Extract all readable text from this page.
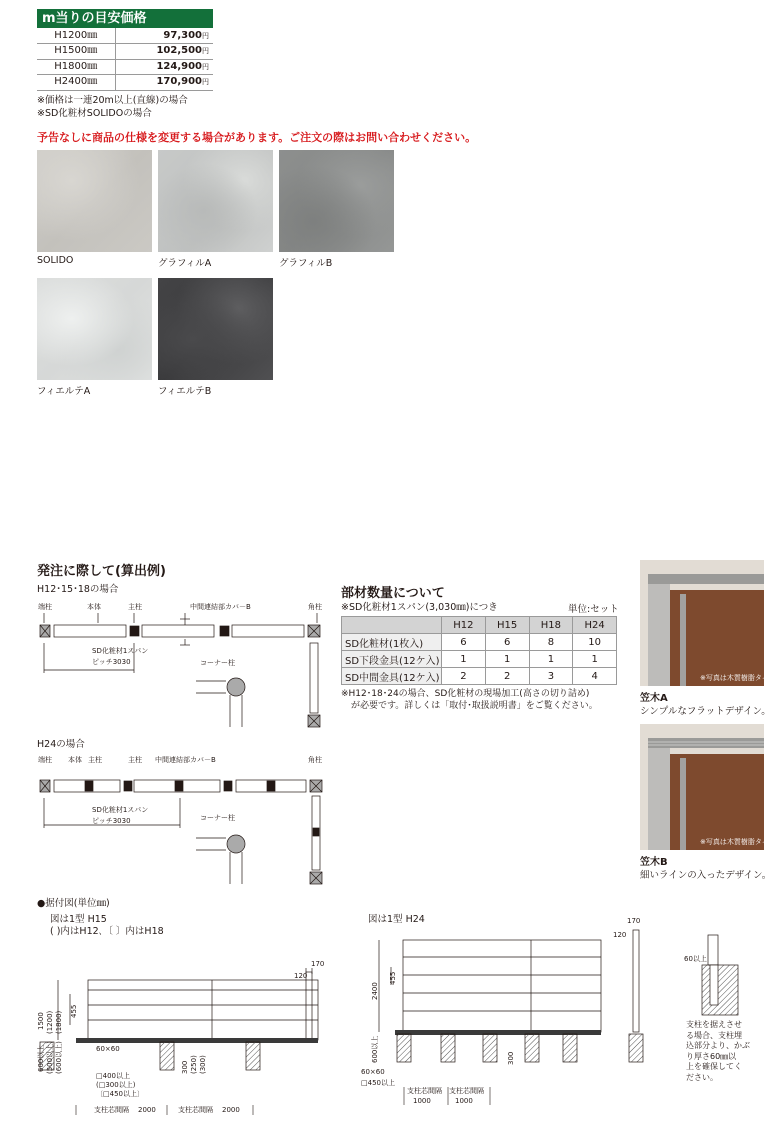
m当りの目安価格
H1200㎜	97,300円
H1500㎜	102,500円
H1800㎜	124,900円
H2400㎜	170,900円
※価格は一連20m以上(直線)の場合
※SD化粧材SOLIDOの場合
予告なしに商品の仕様を変更する場合があります。ご注文の際はお問い合わせください。
SOLIDO	グラフィルA	グラフィルB
フィエルテA	フィエルテB
発注に際して(算出例)
H12･15･18の場合
端柱	本体	主柱	中間連結部カバ－B	角柱
SD化粧材1スパン
ピッチ3030	コーナー柱
H24の場合
端柱 本体 主柱	主柱 中間連結部カバ－B	角柱
SD化粧材1スパン
ピッチ3030	コーナー柱
部材数量について
※SD化粧材1スパン(3,030㎜)につき	単位:セット
	H12	H15	H18	H24
SD化粧材(1枚入)	6	6	8	10
SD下段金具(12ケ入)	1	1	1	1
SD中間金具(12ケ入)	2	2	3	4
※H12･18･24の場合、SD化粧材の現場加工(高さの切り詰め)
が必要です。詳しくは「取付･取扱説明書」をご覧ください。
※写真は木質樹脂タイプ
笠木A
シンプルなフラットデザイン。
※写真は木質樹脂タイプ
笠木B
細いラインの入ったデザイン。
●据付図(単位㎜)
図は1型 H15
( )内はH12､〔 〕内はH18
図は1型 H24
170
120
1500 (1200) (1800) 455
600以上 (500以上) (600以上)	60×60
□400以上
(□300以上)
〔□450以上〕
300 (250) (300)
支柱芯間隔 2000	支柱芯間隔 2000
170
120
2400
455
600以上
60×60
□450以上
300
支柱芯間隔
1000
支柱芯間隔
1000
60以上
支柱を据えさせ
る場合、支柱埋
込部分より、かぶ
り厚さ60㎜以
上を確保してく
ださい。
